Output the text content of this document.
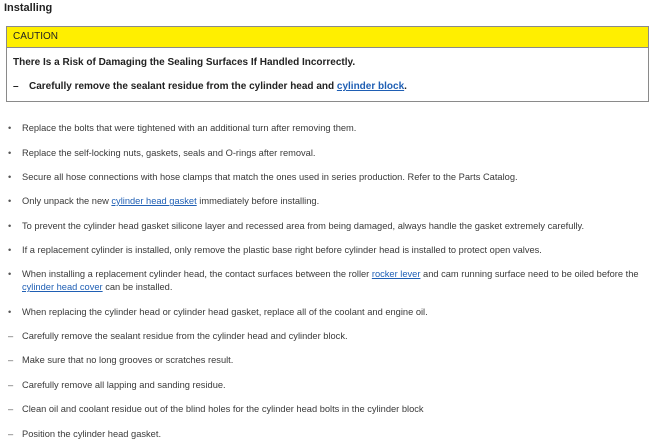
Installing
CAUTION
There Is a Risk of Damaging the Sealing Surfaces If Handled Incorrectly.
– Carefully remove the sealant residue from the cylinder head and cylinder block.
• Replace the bolts that were tightened with an additional turn after removing them.
• Replace the self-locking nuts, gaskets, seals and O-rings after removal.
• Secure all hose connections with hose clamps that match the ones used in series production. Refer to the Parts Catalog.
• Only unpack the new cylinder head gasket immediately before installing.
• To prevent the cylinder head gasket silicone layer and recessed area from being damaged, always handle the gasket extremely carefully.
• If a replacement cylinder is installed, only remove the plastic base right before cylinder head is installed to protect open valves.
• When installing a replacement cylinder head, the contact surfaces between the roller rocker lever and cam running surface need to be oiled before the cylinder head cover can be installed.
• When replacing the cylinder head or cylinder head gasket, replace all of the coolant and engine oil.
– Carefully remove the sealant residue from the cylinder head and cylinder block.
– Make sure that no long grooves or scratches result.
– Carefully remove all lapping and sanding residue.
– Clean oil and coolant residue out of the blind holes for the cylinder head bolts in the cylinder block
– Position the cylinder head gasket.
